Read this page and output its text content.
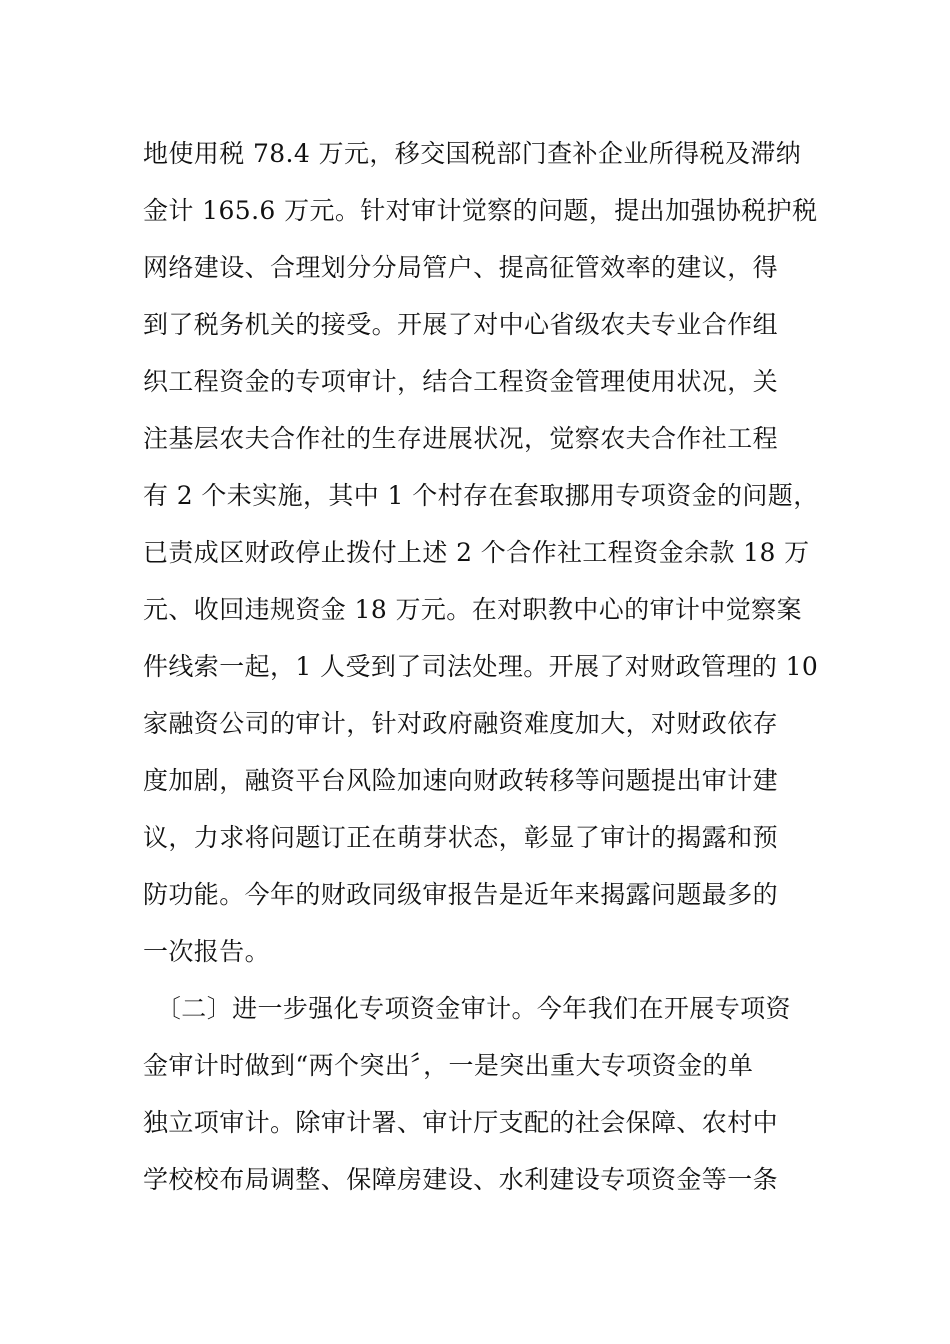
地使用税 78.4 万元，移交国税部门查补企业所得税及滞纳
金计 165.6 万元。针对审计觉察的问题，提出加强协税护税
网络建设、合理划分分局管户、提高征管效率的建议，得
到了税务机关的接受。开展了对中心省级农夫专业合作组
织工程资金的专项审计，结合工程资金管理使用状况，关
注基层农夫合作社的生存进展状况，觉察农夫合作社工程
有 2 个未实施，其中 1 个村存在套取挪用专项资金的问题，
已责成区财政停止拨付上述 2 个合作社工程资金余款 18 万
元、收回违规资金 18 万元。在对职教中心的审计中觉察案
件线索一起，1 人受到了司法处理。开展了对财政管理的 10
家融资公司的审计，针对政府融资难度加大，对财政依存
度加剧，融资平台风险加速向财政转移等问题提出审计建
议，力求将问题订正在萌芽状态，彰显了审计的揭露和预
防功能。今年的财政同级审报告是近年来揭露问题最多的
一次报告。
　〔二〕进一步强化专项资金审计。今年我们在开展专项资
金审计时做到“两个突出〞，一是突出重大专项资金的单
独立项审计。除审计署、审计厅支配的社会保障、农村中
学校校布局调整、保障房建设、水利建设专项资金等一条
